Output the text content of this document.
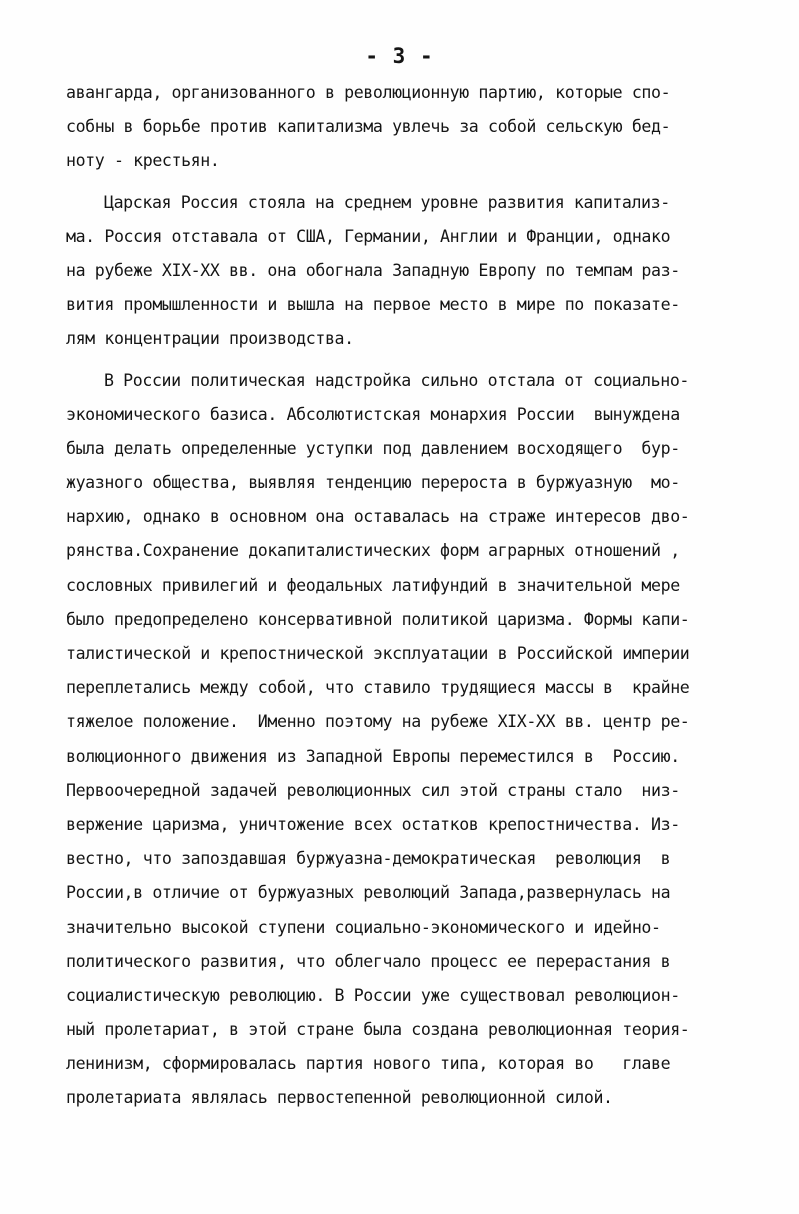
- 3 -
авангарда, организованного в революционную партию, которые спо-
собны в борьбе против капитализма увлечь за собой сельскую бед-
ноту - крестьян.
Царская Россия стояла на среднем уровне развития капитализ-
ма. Россия отставала от США, Германии, Англии и Франции, однако
на рубеже XIX-XX вв. она обогнала Западную Европу по темпам раз-
вития промышленности и вышла на первое место в мире по показате-
лям концентрации производства.
В России политическая надстройка сильно отстала от социально-
экономического базиса. Абсолютистская монархия России  вынуждена
была делать определенные уступки под давлением восходящего  бур-
жуазного общества, выявляя тенденцию перероста в буржуазную  мо-
нархию, однако в основном она оставалась на страже интересов дво-
рянства.Сохранение докапиталистических форм аграрных отношений ,
сословных привилегий и феодальных латифундий в значительной мере
было предопределено консервативной политикой царизма. Формы капи-
талистической и крепостнической эксплуатации в Российской империи
переплетались между собой, что ставило трудящиеся массы в  крайне
тяжелое положение.  Именно поэтому на рубеже XIX-XX вв. центр ре-
волюционного движения из Западной Европы переместился в  Россию.
Первоочередной задачей революционных сил этой страны стало  низ-
вержение царизма, уничтожение всех остатков крепостничества. Из-
вестно, что запоздавшая буржуазна-демократическая  революция  в
России,в отличие от буржуазных революций Запада,развернулась на
значительно высокой ступени социально-экономического и идейно-
политического развития, что облегчало процесс ее перерастания в
социалистическую революцию. В России уже существовал революцион-
ный пролетариат, в этой стране была создана революционная теория-
ленинизм, сформировалась партия нового типа, которая во   главе
пролетариата являлась первостепенной революционной силой.
